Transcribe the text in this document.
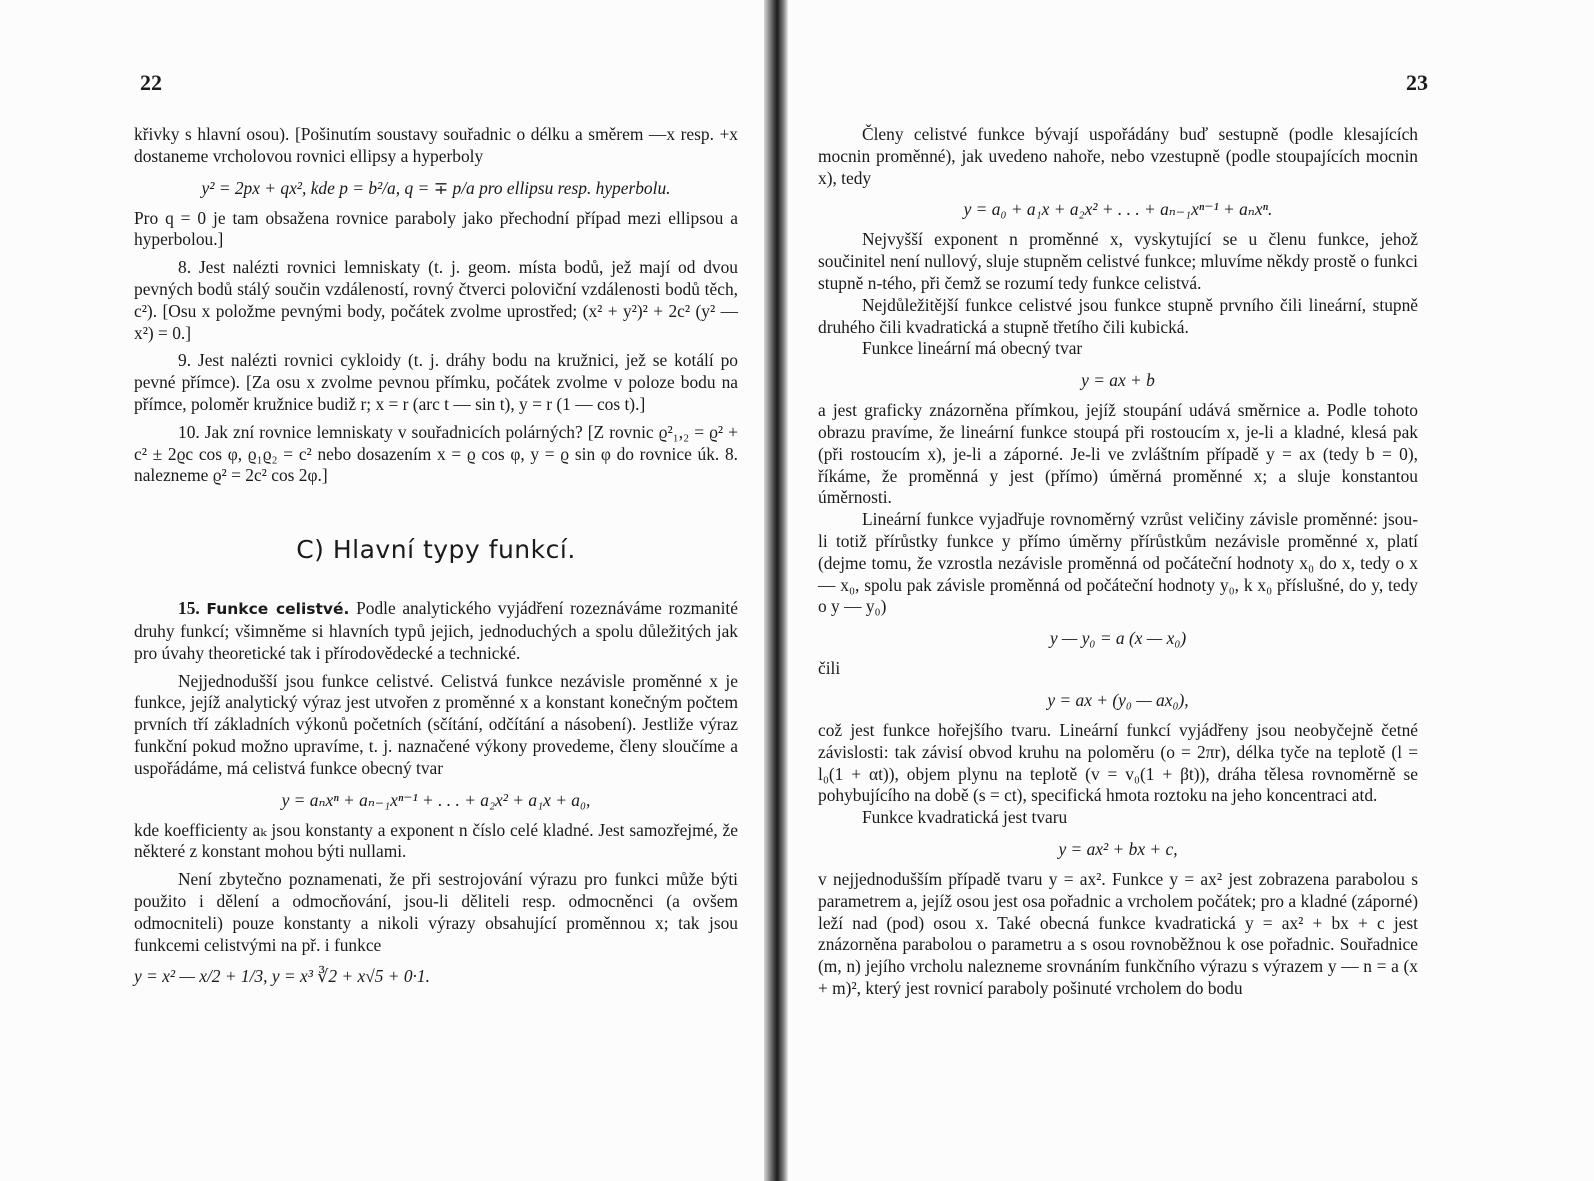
22

křivky s hlavní osou). [Pošinutím soustavy souřadnic o délku a směrem —x resp. +x dostaneme vrcholovou rovnici ellipsy a hyperboly

y² = 2px + qx², kde p = b²/a, q = ∓ p/a pro ellipsu resp. hyperbolu.

Pro q = 0 je tam obsažena rovnice paraboly jako přechodní případ mezi ellipsou a hyperbolou.]

8. Jest nalézti rovnici lemniskaty (t. j. geom. místa bodů, jež mají od dvou pevných bodů stálý součin vzdáleností, rovný čtverci poloviční vzdálenosti bodů těch, c²). [Osu x položme pevnými body, počátek zvolme uprostřed; (x² + y²)² + 2c² (y² — x²) = 0.]

9. Jest nalézti rovnici cykloidy (t. j. dráhy bodu na kružnici, jež se kotálí po pevné přímce). [Za osu x zvolme pevnou přímku, počátek zvolme v poloze bodu na přímce, poloměr kružnice budiž r; x = r (arc t — sin t), y = r (1 — cos t).]

10. Jak zní rovnice lemniskaty v souřadnicích polárných? [Z rovnic ϱ²₁,₂ = ϱ² + c² ± 2ϱc cos φ, ϱ₁ϱ₂ = c² nebo dosazením x = ϱ cos φ, y = ϱ sin φ do rovnice úk. 8. nalezneme ϱ² = 2c² cos 2φ.]

C) Hlavní typy funkcí.

15. Funkce celistvé. Podle analytického vyjádření rozeznáváme rozmanité druhy funkcí; všimněme si hlavních typů jejich, jednoduchých a spolu důležitých jak pro úvahy theoretické tak i přírodovědecké a technické.

Nejjednodušší jsou funkce celistvé. Celistvá funkce nezávisle proměnné x je funkce, jejíž analytický výraz jest utvořen z proměnné x a konstant konečným počtem prvních tří základních výkonů početních (sčítání, odčítání a násobení). Jestliže výraz funkční pokud možno upravíme, t. j. naznačené výkony provedeme, členy sloučíme a uspořádáme, má celistvá funkce obecný tvar

y = aₙxⁿ + aₙ₋₁xⁿ⁻¹ + . . . + a₂x² + a₁x + a₀,

kde koefficienty aₖ jsou konstanty a exponent n číslo celé kladné. Jest samozřejmé, že některé z konstant mohou býti nullami.

Není zbytečno poznamenati, že při sestrojování výrazu pro funkci může býti použito i dělení a odmocňování, jsou-li děliteli resp. odmocněnci (a ovšem odmocniteli) pouze konstanty a nikoli výrazy obsahující proměnnou x; tak jsou funkcemi celistvými na př. i funkce

y = x² — x/2 + 1/3, y = x³ ∛2 + x√5 + 0·1.
23

Členy celistvé funkce bývají uspořádány buď sestupně (podle klesajících mocnin proměnné), jak uvedeno nahoře, nebo vzestupně (podle stoupajících mocnin x), tedy

y = a₀ + a₁x + a₂x² + . . . + aₙ₋₁xⁿ⁻¹ + aₙxⁿ.

Nejvyšší exponent n proměnné x, vyskytující se u členu funkce, jehož součinitel není nullový, sluje stupněm celistvé funkce; mluvíme někdy prostě o funkci stupně n-tého, při čemž se rozumí tedy funkce celistvá.

Nejdůležitější funkce celistvé jsou funkce stupně prvního čili lineární, stupně druhého čili kvadratická a stupně třetího čili kubická.

Funkce lineární má obecný tvar

y = ax + b

a jest graficky znázorněna přímkou, jejíž stoupání udává směrnice a. Podle tohoto obrazu pravíme, že lineární funkce stoupá při rostoucím x, je-li a kladné, klesá pak (při rostoucím x), je-li a záporné. Je-li ve zvláštním případě y = ax (tedy b = 0), říkáme, že proměnná y jest (přímo) úměrná proměnné x; a sluje konstantou úměrnosti.

Lineární funkce vyjadřuje rovnoměrný vzrůst veličiny závisle proměnné: jsou-li totiž přírůstky funkce y přímo úměrny přírůstkům nezávisle proměnné x, platí (dejme tomu, že vzrostla nezávisle proměnná od počáteční hodnoty x₀ do x, tedy o x — x₀, spolu pak závisle proměnná od počáteční hodnoty y₀, k x₀ příslušné, do y, tedy o y — y₀)

y — y₀ = a (x — x₀)

čili

y = ax + (y₀ — ax₀),

což jest funkce hořejšího tvaru. Lineární funkcí vyjádřeny jsou neobyčejně četné závislosti: tak závisí obvod kruhu na poloměru (o = 2πr), délka tyče na teplotě (l = l₀(1 + αt)), objem plynu na teplotě (v = v₀(1 + βt)), dráha tělesa rovnoměrně se pohybujícího na době (s = ct), specifická hmota roztoku na jeho koncentraci atd.

Funkce kvadratická jest tvaru

y = ax² + bx + c,

v nejjednodušším případě tvaru y = ax². Funkce y = ax² jest zobrazena parabolou s parametrem a, jejíž osou jest osa pořadnic a vrcholem počátek; pro a kladné (záporné) leží nad (pod) osou x. Také obecná funkce kvadratická y = ax² + bx + c jest znázorněna parabolou o parametru a s osou rovnoběžnou k ose pořadnic. Souřadnice (m, n) jejího vrcholu nalezneme srovnáním funkčního výrazu s výrazem y — n = a (x + m)², který jest rovnicí paraboly pošinuté vrcholem do bodu
